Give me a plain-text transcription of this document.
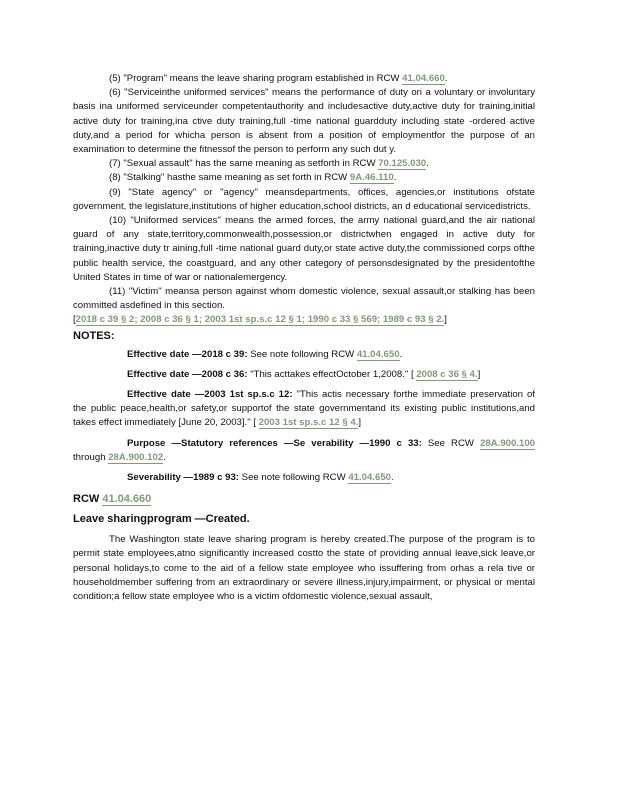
(5) "Program" means the leave sharing program established in RCW 41.04.660.

(6) "Serviceinthe uniformed services" means the performance of duty on a voluntary or involuntary basis ina uniformed serviceunder competentauthority and includesactive duty,active duty for training,initial active duty for training,ina ctive duty training,full -time national guardduty including state -ordered active duty,and a period for whicha person is absent from a position of employmentfor the purpose of an examination to determine the fitnessof the person to perform any such dut y.

(7) "Sexual assault" has the same meaning as setforth in RCW 70.125.030.

(8) "Stalking" hasthe same meaning as set forth in RCW 9A.46.110.

(9) "State agency" or "agency" meansdepartments, offices, agencies,or institutions ofstate government, the legislature,institutions of higher education,school districts, an d educational servicedistricts.

(10) "Uniformed services" means the armed forces, the army national guard,and the air national guard of any state,territory,commonwealth,possession,or districtwhen engaged in active duty for training,inactive duty tr aining,full -time national guard duty,or state active duty,the commissioned corps ofthe public health service, the coastguard, and any other category of personsdesignated by the presidentofthe United States in time of war or nationalemergency.

(11) "Victim" meansa person against whom domestic violence, sexual assault,or stalking has been committed asdefined in this section.

[2018 c 39 § 2; 2008 c 36 § 1; 2003 1st sp.s.c 12 § 1; 1990 c 33 § 569; 1989 c 93 § 2.]

NOTES:

Effective date —2018 c 39: See note following RCW 41.04.650.

Effective date —2008 c 36: "This acttakes effectOctober 1,2008." [ 2008 c 36 § 4.]

Effective date —2003 1st sp.s.c 12: "This actis necessary forthe immediate preservation of the public peace,health,or safety,or supportof the state governmentand its existing public institutions,and takes effect immediately [June 20, 2003]." [ 2003 1st sp.s.c 12 § 4.]

Purpose —Statutory references —Se verability —1990 c 33: See RCW 28A.900.100 through 28A.900.102.

Severability —1989 c 93: See note following RCW 41.04.650.

RCW 41.04.660
Leave sharingprogram —Created.

The Washington state leave sharing program is hereby created.The purpose of the program is to permit state employees,atno significantly increased costto the state of providing annual leave,sick leave,or personal holidays,to come to the aid of a fellow state employee who issuffering from orhas a rela tive or householdmember suffering from an extraordinary or severe illness,injury,impairment, or physical or mental condition;a fellow state employee who is a victim ofdomestic violence,sexual assault,
